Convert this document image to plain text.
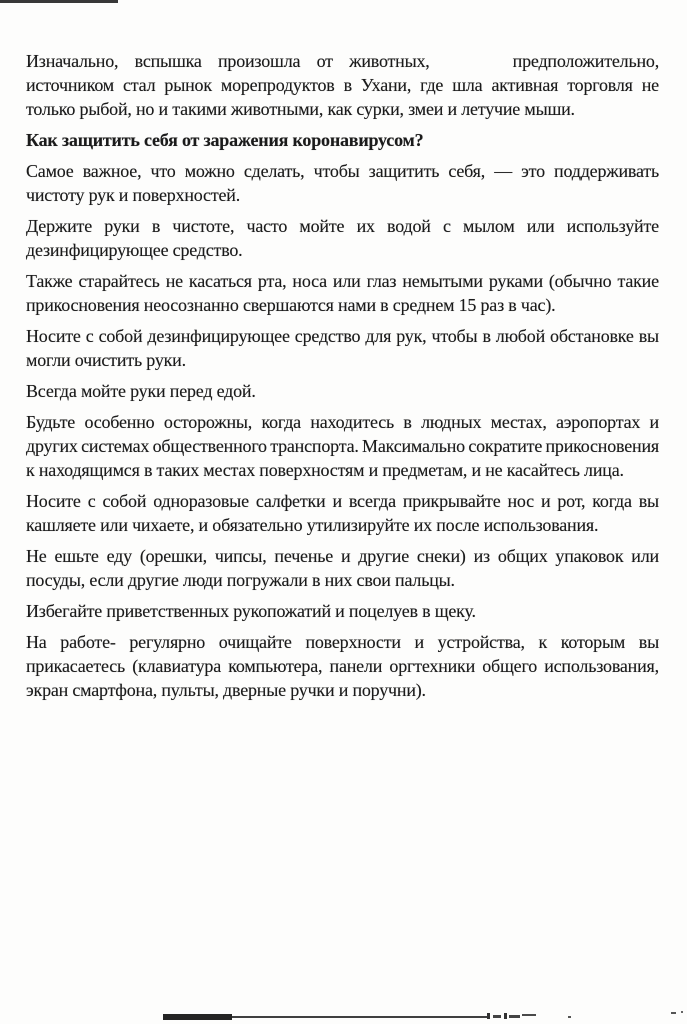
Изначально, вспышка произошла от животных,	предположительно,
источником стал рынок морепродуктов в Ухани, где шла активная торговля не
только рыбой, но и такими животными, как сурки, змеи и летучие мыши.
Как защитить себя от заражения коронавирусом?
Самое важное, что можно сделать, чтобы защитить себя, — это поддерживать
чистоту рук и поверхностей.
Держите руки в чистоте, часто мойте их водой с мылом или используйте
дезинфицирующее средство.
Также старайтесь не касаться рта, носа или глаз немытыми руками (обычно такие
прикосновения неосознанно свершаются нами в среднем 15 раз в час).
Носите с собой дезинфицирующее средство для рук, чтобы в любой обстановке вы
могли очистить руки.
Всегда мойте руки перед едой.
Будьте особенно осторожны, когда находитесь в людных местах, аэропортах и
других системах общественного транспорта. Максимально сократите прикосновения
к находящимся в таких местах поверхностям и предметам, и не касайтесь лица.
Носите с собой одноразовые салфетки и всегда прикрывайте нос и рот, когда вы
кашляете или чихаете, и обязательно утилизируйте их после использования.
Не ешьте еду (орешки, чипсы, печенье и другие снеки) из общих упаковок или
посуды, если другие люди погружали в них свои пальцы.
Избегайте приветственных рукопожатий и поцелуев в щеку.
На работе- регулярно очищайте поверхности и устройства, к которым вы
прикасаетесь (клавиатура компьютера, панели оргтехники общего использования,
экран смартфона, пульты, дверные ручки и поручни).
